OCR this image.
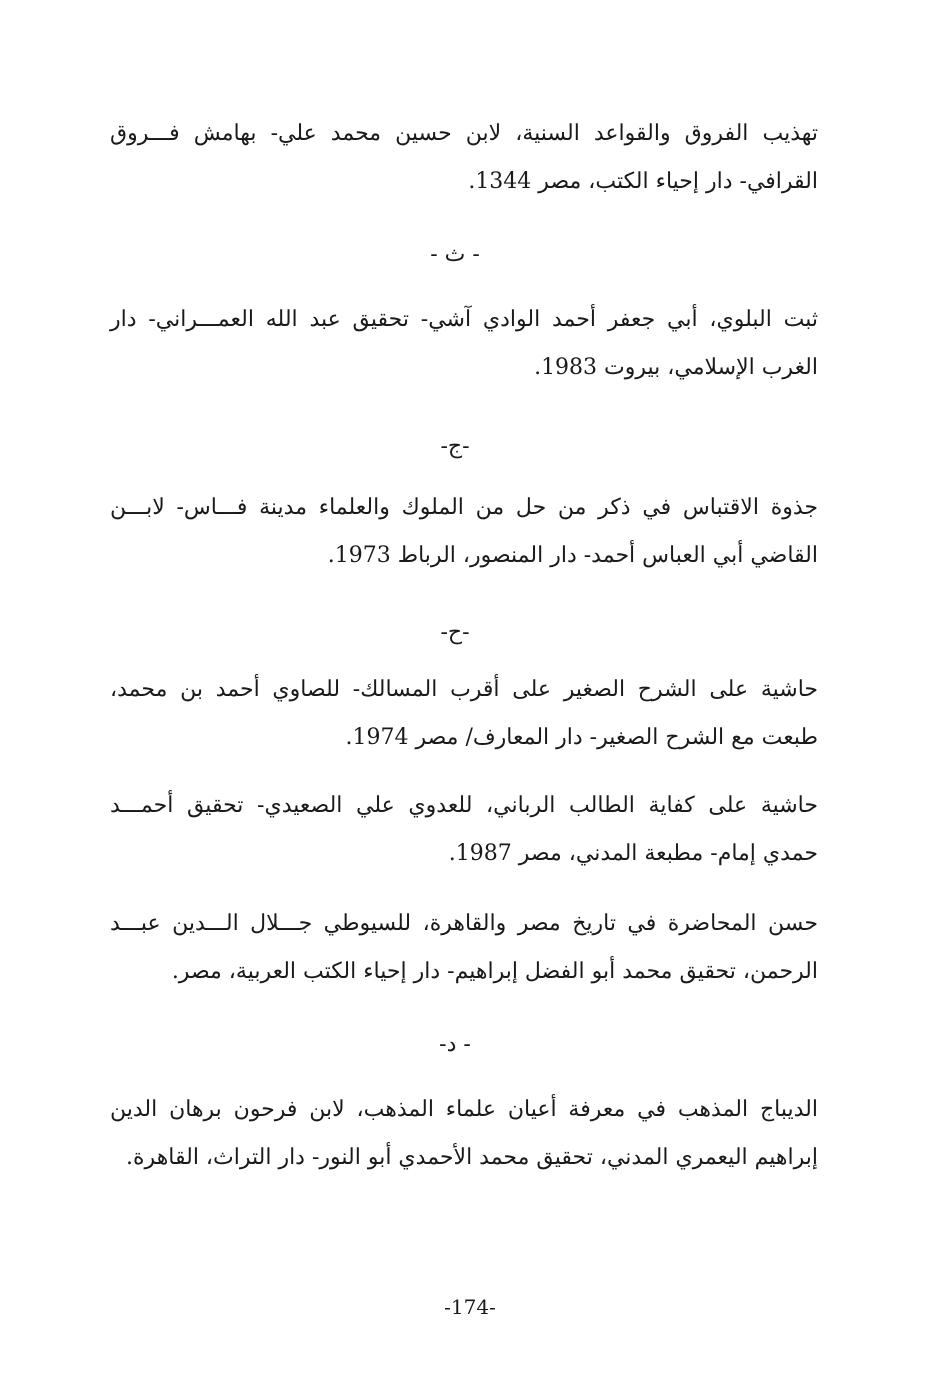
تهذيب الفروق والقواعد السنية، لابن حسين محمد علي- بهامش فـــروق
القرافي- دار إحياء الكتب، مصر 1344.
- ث -
ثبت البلوي، أبي جعفر أحمد الوادي آشي- تحقيق عبد الله العمـــراني- دار
الغرب الإسلامي، بيروت 1983.
-ج-
جذوة الاقتباس في ذكر من حل من الملوك والعلماء مدينة فـــاس- لابـــن
القاضي أبي العباس أحمد- دار المنصور، الرباط 1973.
-ح-
حاشية على الشرح الصغير على أقرب المسالك- للصاوي أحمد بن محمد،
طبعت مع الشرح الصغير- دار المعارف/ مصر 1974.
حاشية على كفاية الطالب الرباني، للعدوي علي الصعيدي- تحقيق أحمـــد
حمدي إمام- مطبعة المدني، مصر 1987.
حسن المحاضرة في تاريخ مصر والقاهرة، للسيوطي جـــلال الـــدين عبـــد
الرحمن، تحقيق محمد أبو الفضل إبراهيم- دار إحياء الكتب العربية، مصر.
- د-
الديباج المذهب في معرفة أعيان علماء المذهب، لابن فرحون برهان الدين
إبراهيم اليعمري المدني، تحقيق محمد الأحمدي أبو النور- دار التراث، القاهرة.
-174-
